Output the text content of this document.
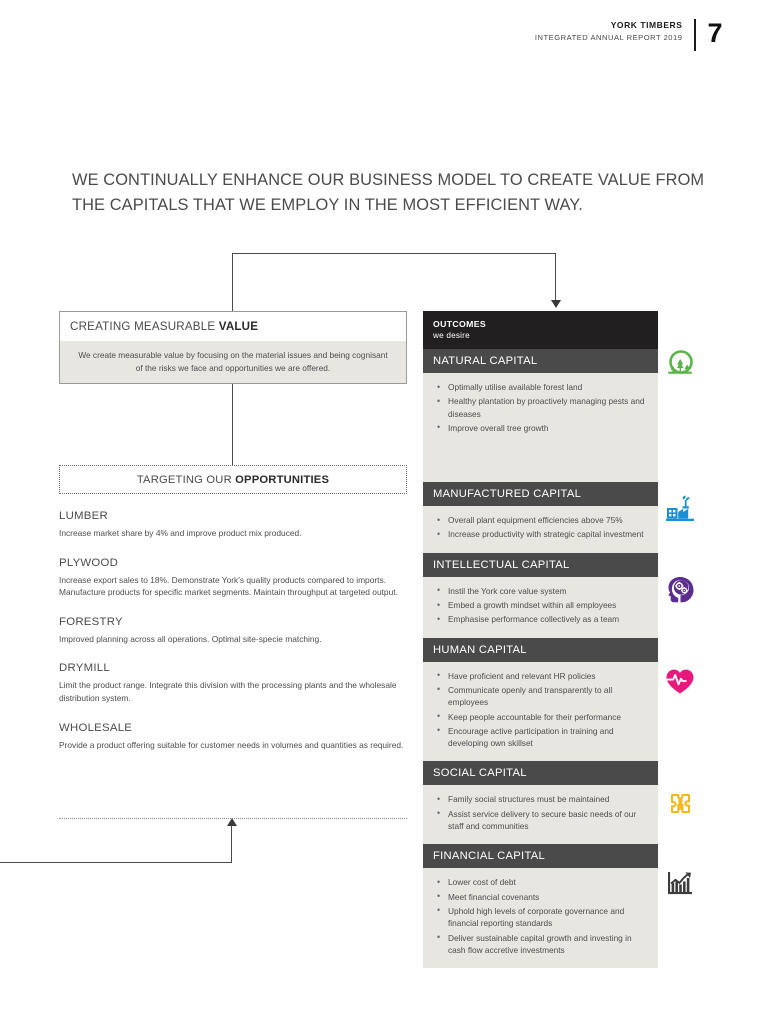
YORK TIMBERS
INTEGRATED ANNUAL REPORT 2019 7
WE CONTINUALLY ENHANCE OUR BUSINESS MODEL TO CREATE VALUE FROM THE CAPITALS THAT WE EMPLOY IN THE MOST EFFICIENT WAY.
CREATING MEASURABLE VALUE
We create measurable value by focusing on the material issues and being cognisant of the risks we face and opportunities we are offered.
TARGETING OUR OPPORTUNITIES
LUMBER
Increase market share by 4% and improve product mix produced.
PLYWOOD
Increase export sales to 18%. Demonstrate York's quality products compared to imports. Manufacture products for specific market segments. Maintain throughput at targeted output.
FORESTRY
Improved planning across all operations. Optimal site-specie matching.
DRYMILL
Limit the product range. Integrate this division with the processing plants and the wholesale distribution system.
WHOLESALE
Provide a product offering suitable for customer needs in volumes and quantities as required.
OUTCOMES
we desire
NATURAL CAPITAL
• Optimally utilise available forest land
• Healthy plantation by proactively managing pests and diseases
• Improve overall tree growth
MANUFACTURED CAPITAL
• Overall plant equipment efficiencies above 75%
• Increase productivity with strategic capital investment
INTELLECTUAL CAPITAL
• Instil the York core value system
• Embed a growth mindset within all employees
• Emphasise performance collectively as a team
HUMAN CAPITAL
• Have proficient and relevant HR policies
• Communicate openly and transparently to all employees
• Keep people accountable for their performance
• Encourage active participation in training and developing own skillset
SOCIAL CAPITAL
• Family social structures must be maintained
• Assist service delivery to secure basic needs of our staff and communities
FINANCIAL CAPITAL
• Lower cost of debt
• Meet financial covenants
• Uphold high levels of corporate governance and financial reporting standards
• Deliver sustainable capital growth and investing in cash flow accretive investments
